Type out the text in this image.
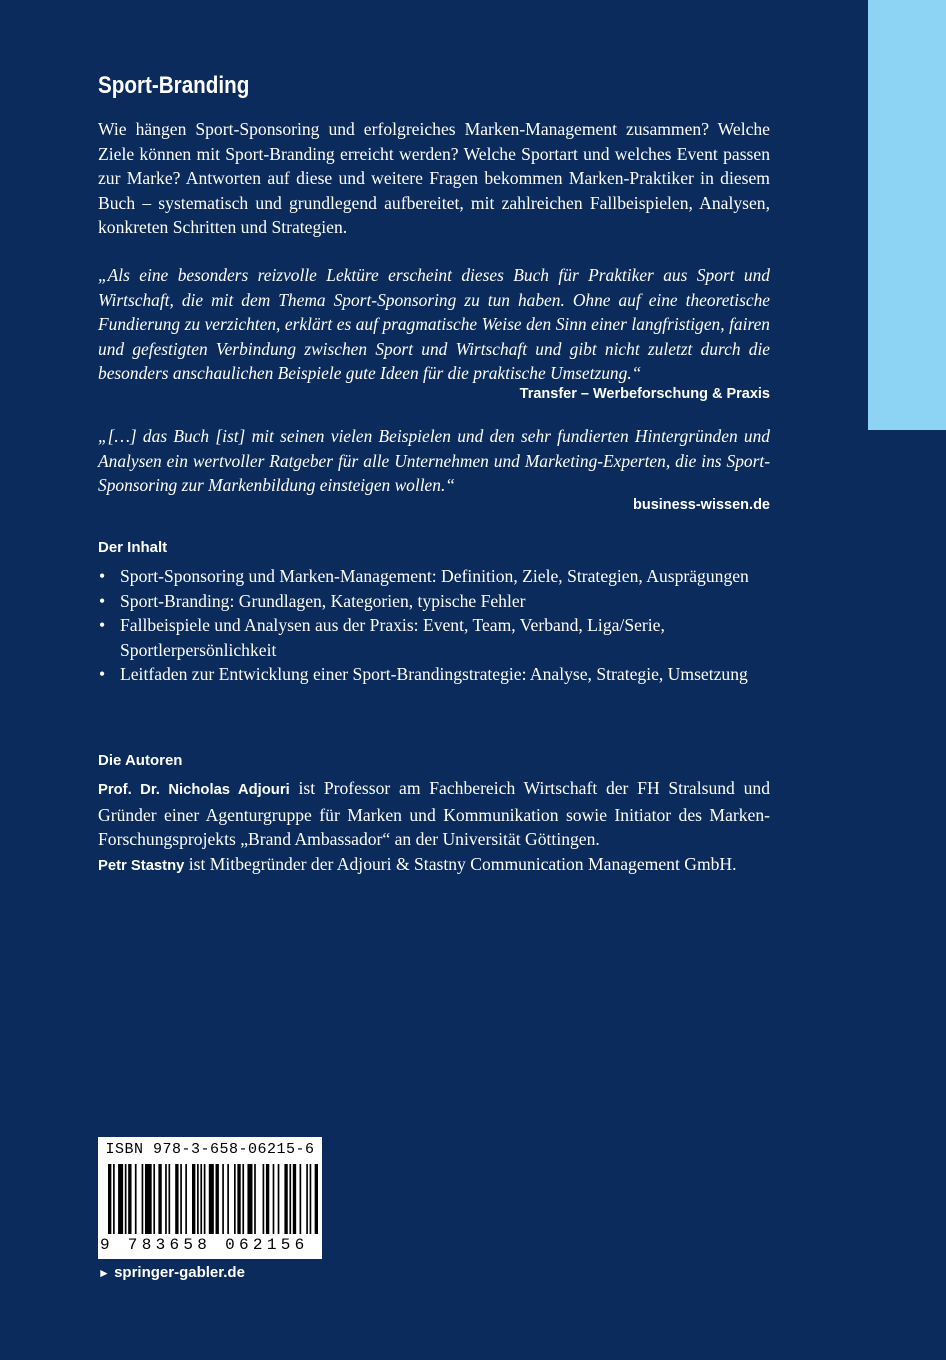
Sport-Branding

Wie hängen Sport-Sponsoring und erfolgreiches Marken-Management zusammen? Welche Ziele können mit Sport-Branding erreicht werden? Welche Sportart und welches Event passen zur Marke? Antworten auf diese und weitere Fragen bekommen Marken-Praktiker in diesem Buch – systematisch und grundlegend aufbereitet, mit zahlreichen Fallbeispielen, Analysen, konkreten Schritten und Strategien.

„Als eine besonders reizvolle Lektüre erscheint dieses Buch für Praktiker aus Sport und Wirtschaft, die mit dem Thema Sport-Sponsoring zu tun haben. Ohne auf eine theoretische Fundierung zu verzichten, erklärt es auf pragmatische Weise den Sinn einer langfristigen, fairen und gefestigten Verbindung zwischen Sport und Wirtschaft und gibt nicht zuletzt durch die besonders anschaulichen Beispiele gute Ideen für die praktische Umsetzung.“

Transfer – Werbeforschung & Praxis

„[…] das Buch [ist] mit seinen vielen Beispielen und den sehr fundierten Hintergründen und Analysen ein wertvoller Ratgeber für alle Unternehmen und Marketing-Experten, die ins Sport-Sponsoring zur Markenbildung einsteigen wollen.“

business-wissen.de

Der Inhalt
• Sport-Sponsoring und Marken-Management: Definition, Ziele, Strategien, Ausprägungen
• Sport-Branding: Grundlagen, Kategorien, typische Fehler
• Fallbeispiele und Analysen aus der Praxis: Event, Team, Verband, Liga/Serie, Sportlerpersönlichkeit
• Leitfaden zur Entwicklung einer Sport-Brandingstrategie: Analyse, Strategie, Umsetzung
Die Autoren

Prof. Dr. Nicholas Adjouri ist Professor am Fachbereich Wirtschaft der FH Stralsund und Gründer einer Agenturgruppe für Marken und Kommunikation sowie Initiator des Marken-Forschungsprojekts „Brand Ambassador“ an der Universität Göttingen.

Petr Stastny ist Mitbegründer der Adjouri & Stastny Communication Management GmbH.

ISBN 978-3-658-06215-6
9 783658 062156

► springer-gabler.de
